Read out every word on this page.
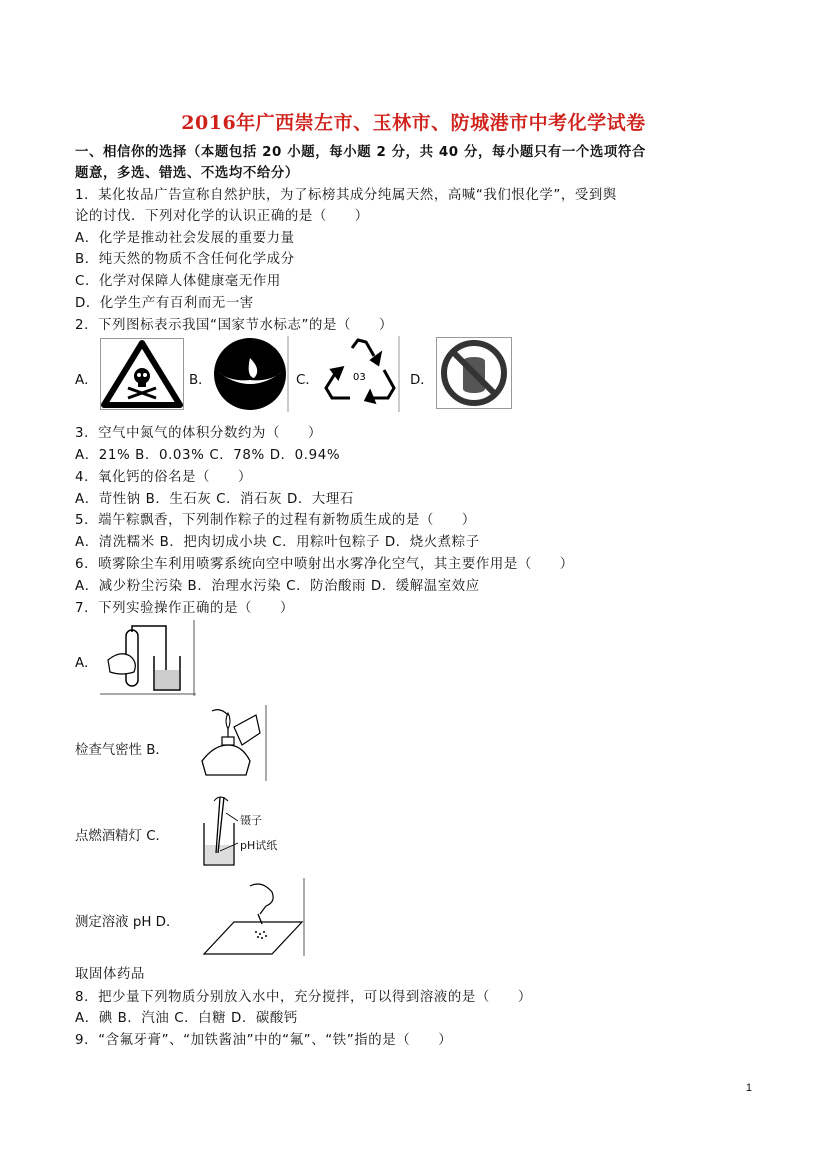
2016年广西崇左市、玉林市、防城港市中考化学试卷
一、相信你的选择（本题包括 20 小题，每小题 2 分，共 40 分，每小题只有一个选项符合
题意，多选、错选、不选均不给分）
1．某化妆品广告宣称自然护肤，为了标榜其成分纯属天然，高喊“我们恨化学”，受到舆
论的讨伐．下列对化学的认识正确的是（　　）
A．化学是推动社会发展的重要力量
B．纯天然的物质不含任何化学成分
C．化学对保障人体健康毫无作用
D．化学生产有百利而无一害
2．下列图标表示我国“国家节水标志”的是（　　）
A．	B．	C．	03	D．
3．空气中氮气的体积分数约为（　　）
A．21% B．0.03% C．78% D．0.94%
4．氧化钙的俗名是（　　）
A．苛性钠 B．生石灰 C．消石灰 D．大理石
5．端午粽飘香，下列制作粽子的过程有新物质生成的是（　　）
A．清洗糯米 B．把肉切成小块 C．用粽叶包粽子 D．烧火煮粽子
6．喷雾除尘车利用喷雾系统向空中喷射出水雾净化空气，其主要作用是（　　）
A．减少粉尘污染 B．治理水污染 C．防治酸雨 D．缓解温室效应
7．下列实验操作正确的是（　　）
A．
检查气密性 B．
点燃酒精灯 C．
镊子
pH试纸
测定溶液 pH D．
取固体药品
8．把少量下列物质分别放入水中，充分搅拌，可以得到溶液的是（　　）
A．碘 B．汽油 C．白糖 D．碳酸钙
9．“含氟牙膏”、“加铁酱油”中的“氟”、“铁”指的是（　　）
1
